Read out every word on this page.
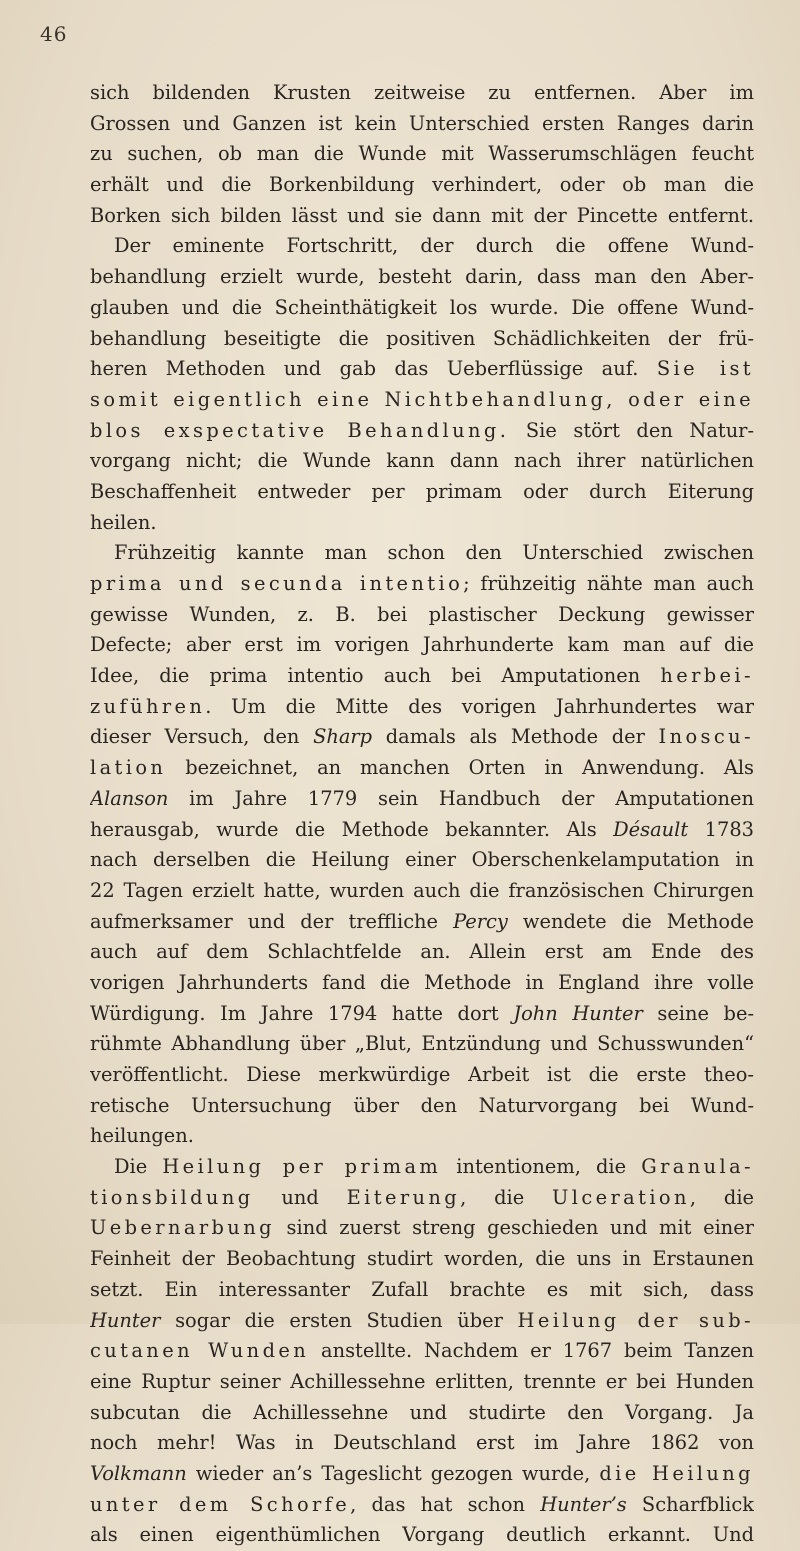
46
sich bildenden Krusten zeitweise zu entfernen. Aber im
Grossen und Ganzen ist kein Unterschied ersten Ranges darin
zu suchen, ob man die Wunde mit Wasserumschlägen feucht
erhält und die Borkenbildung verhindert, oder ob man die
Borken sich bilden lässt und sie dann mit der Pincette entfernt.
Der eminente Fortschritt, der durch die offene Wund-
behandlung erzielt wurde, besteht darin, dass man den Aber-
glauben und die Scheinthätigkeit los wurde. Die offene Wund-
behandlung beseitigte die positiven Schädlichkeiten der frü-
heren Methoden und gab das Ueberflüssige auf. Sie ist
somit eigentlich eine Nichtbehandlung, oder eine
blos exspectative Behandlung. Sie stört den Natur-
vorgang nicht; die Wunde kann dann nach ihrer natürlichen
Beschaffenheit entweder per primam oder durch Eiterung
heilen.
Frühzeitig kannte man schon den Unterschied zwischen
prima und secunda intentio; frühzeitig nähte man auch
gewisse Wunden, z. B. bei plastischer Deckung gewisser
Defecte; aber erst im vorigen Jahrhunderte kam man auf die
Idee, die prima intentio auch bei Amputationen herbei-
zuführen. Um die Mitte des vorigen Jahrhundertes war
dieser Versuch, den Sharp damals als Methode der Inoscu-
lation bezeichnet, an manchen Orten in Anwendung. Als
Alanson im Jahre 1779 sein Handbuch der Amputationen
herausgab, wurde die Methode bekannter. Als Désault 1783
nach derselben die Heilung einer Oberschenkelamputation in
22 Tagen erzielt hatte, wurden auch die französischen Chirurgen
aufmerksamer und der treffliche Percy wendete die Methode
auch auf dem Schlachtfelde an. Allein erst am Ende des
vorigen Jahrhunderts fand die Methode in England ihre volle
Würdigung. Im Jahre 1794 hatte dort John Hunter seine be-
rühmte Abhandlung über „Blut, Entzündung und Schusswunden“
veröffentlicht. Diese merkwürdige Arbeit ist die erste theo-
retische Untersuchung über den Naturvorgang bei Wund-
heilungen.
Die Heilung per primam intentionem, die Granula-
tionsbildung und Eiterung, die Ulceration, die
Uebernarbung sind zuerst streng geschieden und mit einer
Feinheit der Beobachtung studirt worden, die uns in Erstaunen
setzt. Ein interessanter Zufall brachte es mit sich, dass
Hunter sogar die ersten Studien über Heilung der sub-
cutanen Wunden anstellte. Nachdem er 1767 beim Tanzen
eine Ruptur seiner Achillessehne erlitten, trennte er bei Hunden
subcutan die Achillessehne und studirte den Vorgang. Ja
noch mehr! Was in Deutschland erst im Jahre 1862 von
Volkmann wieder an’s Tageslicht gezogen wurde, die Heilung
unter dem Schorfe, das hat schon Hunter’s Scharfblick
als einen eigenthümlichen Vorgang deutlich erkannt. Und
